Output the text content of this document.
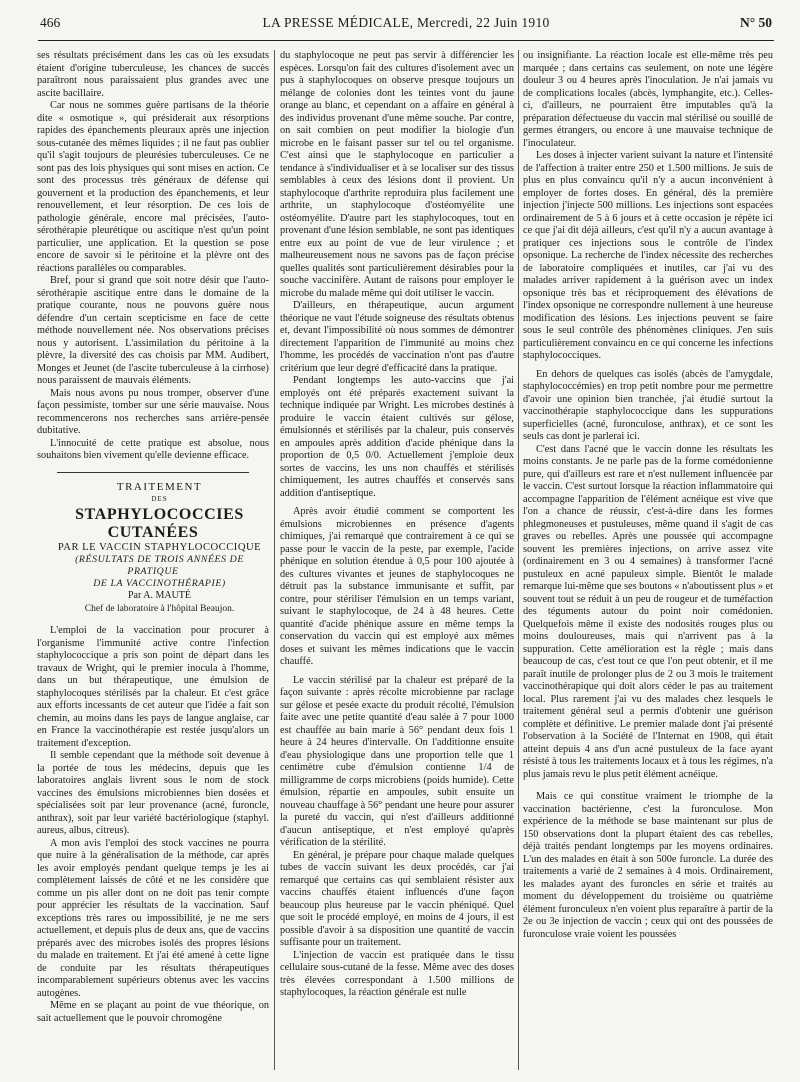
466	LA PRESSE MÉDICALE, Mercredi, 22 Juin 1910	N° 50

ses résultats précisément dans les cas où les exsudats étaient d'origine tuberculeuse, les chances de succès paraîtront nous paraissaient plus grandes avec une ascite bacillaire.

Car nous ne sommes guère partisans de la théorie dite « osmotique », qui présiderait aux résorptions rapides des épanchements pleuraux après une injection sous-cutanée des mêmes liquides ; il ne faut pas oublier qu'il s'agit toujours de pleurésies tuberculeuses. Ce ne sont pas des lois physiques qui sont mises en action. Ce sont des processus très généraux de défense qui gouvernent et la production des épanchements, et leur renouvellement, et leur résorption. De ces lois de pathologie générale, encore mal précisées, l'auto-sérothérapie pleurétique ou ascitique n'est qu'un point particulier, une application. Et la question se pose encore de savoir si le péritoine et la plèvre ont des réactions parallèles ou comparables.

Bref, pour si grand que soit notre désir que l'auto-sérothérapie ascitique entre dans le domaine de la pratique courante, nous ne pouvons guère nous défendre d'un certain scepticisme en face de cette méthode nouvellement née. Nos observations précises nous y autorisent. L'assimilation du péritoine à la plèvre, la diversité des cas choisis par MM. Audibert, Monges et Jeunet (de l'ascite tuberculeuse à la cirrhose) nous paraissent de mauvais éléments.

Mais nous avons pu nous tromper, observer d'une façon pessimiste, tomber sur une série mauvaise. Nous recommencerons nos recherches sans arrière-pensée dubitative.

L'innocuité de cette pratique est absolue, nous souhaitons bien vivement qu'elle devienne efficace.

TRAITEMENT

DES

STAPHYLOCOCCIES CUTANÉES

PAR LE VACCIN STAPHYLOCOCCIQUE

(RÉSULTATS DE TROIS ANNÉES DE PRATIQUE

DE LA VACCINOTHÉRAPIE)

Par A. MAUTÉ

Chef de laboratoire à l'hôpital Beaujon.

L'emploi de la vaccination pour procurer à l'organisme l'immunité active contre l'infection staphylococcique a pris son point de départ dans les travaux de Wright, qui le premier inocula à l'homme, dans un but thérapeutique, une émulsion de staphylocoques stérilisés par la chaleur. Et c'est grâce aux efforts incessants de cet auteur que l'idée a fait son chemin, au moins dans les pays de langue anglaise, car en France la vaccinothérapie est restée jusqu'alors un traitement d'exception.

Il semble cependant que la méthode soit devenue à la portée de tous les médecins, depuis que les laboratoires anglais livrent sous le nom de stock vaccines des émulsions microbiennes bien dosées et spécialisées soit par leur provenance (acné, furoncle, anthrax), soit par leur variété bactériologique (staphyl. aureus, albus, citreus).

A mon avis l'emploi des stock vaccines ne pourra que nuire à la généralisation de la méthode, car après les avoir employés pendant quelque temps je les ai complètement laissés de côté et ne les considère que comme un pis aller dont on ne doit pas tenir compte pour apprécier les résultats de la vaccination. Sauf exceptions très rares ou impossibilité, je ne me sers actuellement, et depuis plus de deux ans, que de vaccins préparés avec des microbes isolés des propres lésions du malade en traitement. Et j'ai été amené à cette ligne de conduite par les résultats thérapeutiques incomparablement supérieurs obtenus avec les vaccins autogènes.

Même en se plaçant au point de vue théorique, on sait actuellement que le pouvoir chromogène

du staphylocoque ne peut pas servir à différencier les espèces. Lorsqu'on fait des cultures d'isolement avec un pus à staphylocoques on observe presque toujours un mélange de colonies dont les teintes vont du jaune orange au blanc, et cependant on a affaire en général à des individus provenant d'une même souche. Par contre, on sait combien on peut modifier la biologie d'un microbe en le faisant passer sur tel ou tel organisme. C'est ainsi que le staphylocoque en particulier a tendance à s'individualiser et à se localiser sur des tissus semblables à ceux des lésions dont il provient. Un staphylocoque d'arthrite reproduira plus facilement une arthrite, un staphylocoque d'ostéomyélite une ostéomyélite. D'autre part les staphylocoques, tout en provenant d'une lésion semblable, ne sont pas identiques entre eux au point de vue de leur virulence ; et malheureusement nous ne savons pas de façon précise quelles qualités sont particulièrement désirables pour la souche vaccinifère. Autant de raisons pour employer le microbe du malade même qui doit utiliser le vaccin.

D'ailleurs, en thérapeutique, aucun argument théorique ne vaut l'étude soigneuse des résultats obtenus et, devant l'impossibilité où nous sommes de démontrer directement l'apparition de l'immunité au moins chez l'homme, les procédés de vaccination n'ont pas d'autre critérium que leur degré d'efficacité dans la pratique.

Pendant longtemps les auto-vaccins que j'ai employés ont été préparés exactement suivant la technique indiquée par Wright. Les microbes destinés à produire le vaccin étaient cultivés sur gélose, émulsionnés et stérilisés par la chaleur, puis conservés en ampoules après addition d'acide phénique dans la proportion de 0,5 0/0. Actuellement j'emploie deux sortes de vaccins, les uns non chauffés et stérilisés chimiquement, les autres chauffés et conservés sans addition d'antiseptique.

Après avoir étudié comment se comportent les émulsions microbiennes en présence d'agents chimiques, j'ai remarqué que contrairement à ce qui se passe pour le vaccin de la peste, par exemple, l'acide phénique en solution étendue à 0,5 pour 100 ajoutée à des cultures vivantes et jeunes de staphylocoques ne détruit pas la substance immunisante et suffit, par contre, pour stériliser l'émulsion en un temps variant, suivant le staphylocoque, de 24 à 48 heures. Cette quantité d'acide phénique assure en même temps la conservation du vaccin qui est employé aux mêmes doses et suivant les mêmes indications que le vaccin chauffé.

Le vaccin stérilisé par la chaleur est préparé de la façon suivante : après récolte microbienne par raclage sur gélose et pesée exacte du produit récolté, l'émulsion faite avec une petite quantité d'eau salée à 7 pour 1000 est chauffée au bain marie à 56° pendant deux fois 1 heure à 24 heures d'intervalle. On l'additionne ensuite d'eau physiologique dans une proportion telle que 1 centimètre cube d'émulsion contienne 1/4 de milligramme de corps microbiens (poids humide). Cette émulsion, répartie en ampoules, subit ensuite un nouveau chauffage à 56° pendant une heure pour assurer la pureté du vaccin, qui n'est d'ailleurs additionné d'aucun antiseptique, et n'est employé qu'après vérification de la stérilité.

En général, je prépare pour chaque malade quelques tubes de vaccin suivant les deux procédés, car j'ai remarqué que certains cas qui semblaient résister aux vaccins chauffés étaient influencés d'une façon beaucoup plus heureuse par le vaccin phéniqué. Quel que soit le procédé employé, en moins de 4 jours, il est possible d'avoir à sa disposition une quantité de vaccin suffisante pour un traitement.

L'injection de vaccin est pratiquée dans le tissu cellulaire sous-cutané de la fesse. Même avec des doses très élevées correspondant à 1.500 millions de staphylocoques, la réaction générale est nulle

ou insignifiante. La réaction locale est elle-même très peu marquée ; dans certains cas seulement, on note une légère douleur 3 ou 4 heures après l'inoculation. Je n'ai jamais vu de complications locales (abcès, lymphangite, etc.). Celles-ci, d'ailleurs, ne pourraient être imputables qu'à la préparation défectueuse du vaccin mal stérilisé ou souillé de germes étrangers, ou encore à une mauvaise technique de l'inoculateur.

Les doses à injecter varient suivant la nature et l'intensité de l'affection à traiter entre 250 et 1.500 millions. Je suis de plus en plus convaincu qu'il n'y a aucun inconvénient à employer de fortes doses. En général, dès la première injection j'injecte 500 millions. Les injections sont espacées ordinairement de 5 à 6 jours et à cette occasion je répète ici ce que j'ai dit déjà ailleurs, c'est qu'il n'y a aucun avantage à pratiquer ces injections sous le contrôle de l'index opsonique. La recherche de l'index nécessite des recherches de laboratoire compliquées et inutiles, car j'ai vu des malades arriver rapidement à la guérison avec un index opsonique très bas et réciproquement des élévations de l'index opsonique ne correspondre nullement à une heureuse modification des lésions. Les injections peuvent se faire sous le seul contrôle des phénomènes cliniques. J'en suis particulièrement convaincu en ce qui concerne les infections staphylococciques.

En dehors de quelques cas isolés (abcès de l'amygdale, staphylococcémies) en trop petit nombre pour me permettre d'avoir une opinion bien tranchée, j'ai étudié surtout la vaccinothérapie staphylococcique dans les suppurations superficielles (acné, furonculose, anthrax), et ce sont les seuls cas dont je parlerai ici.

C'est dans l'acné que le vaccin donne les résultats les moins constants. Je ne parle pas de la forme comédonienne pure, qui d'ailleurs est rare et n'est nullement influencée par le vaccin. C'est surtout lorsque la réaction inflammatoire qui accompagne l'apparition de l'élément acnéique est vive que l'on a chance de réussir, c'est-à-dire dans les formes phlegmoneuses et pustuleuses, même quand il s'agit de cas graves ou rebelles. Après une poussée qui accompagne souvent les premières injections, on arrive assez vite (ordinairement en 3 ou 4 semaines) à transformer l'acné pustuleux en acné papuleux simple. Bientôt le malade remarque lui-même que ses boutons « n'aboutissent plus » et souvent tout se réduit à un peu de rougeur et de tuméfaction des téguments autour du point noir comédonien. Quelquefois même il existe des nodosités rouges plus ou moins douloureuses, mais qui n'arrivent pas à la suppuration. Cette amélioration est la règle ; mais dans beaucoup de cas, c'est tout ce que l'on peut obtenir, et il me paraît inutile de prolonger plus de 2 ou 3 mois le traitement vaccinothérapique qui doit alors céder le pas au traitement local. Plus rarement j'ai vu des malades chez lesquels le traitement général seul a permis d'obtenir une guérison complète et définitive. Le premier malade dont j'ai présenté l'observation à la Société de l'Internat en 1908, qui était atteint depuis 4 ans d'un acné pustuleux de la face ayant résisté à tous les traitements locaux et à tous les régimes, n'a plus jamais revu le plus petit élément acnéique.

Mais ce qui constitue vraiment le triomphe de la vaccination bactérienne, c'est la furonculose. Mon expérience de la méthode se base maintenant sur plus de 150 observations dont la plupart étaient des cas rebelles, déjà traités pendant longtemps par les moyens ordinaires. L'un des malades en était à son 500e furoncle. La durée des traitements a varié de 2 semaines à 4 mois. Ordinairement, les malades ayant des furoncles en série et traités au moment du développement du troisième ou quatrième élément furonculeux n'en voient plus reparaître à partir de la 2e ou 3e injection de vaccin ; ceux qui ont des poussées de furonculose vraie voient les poussées
